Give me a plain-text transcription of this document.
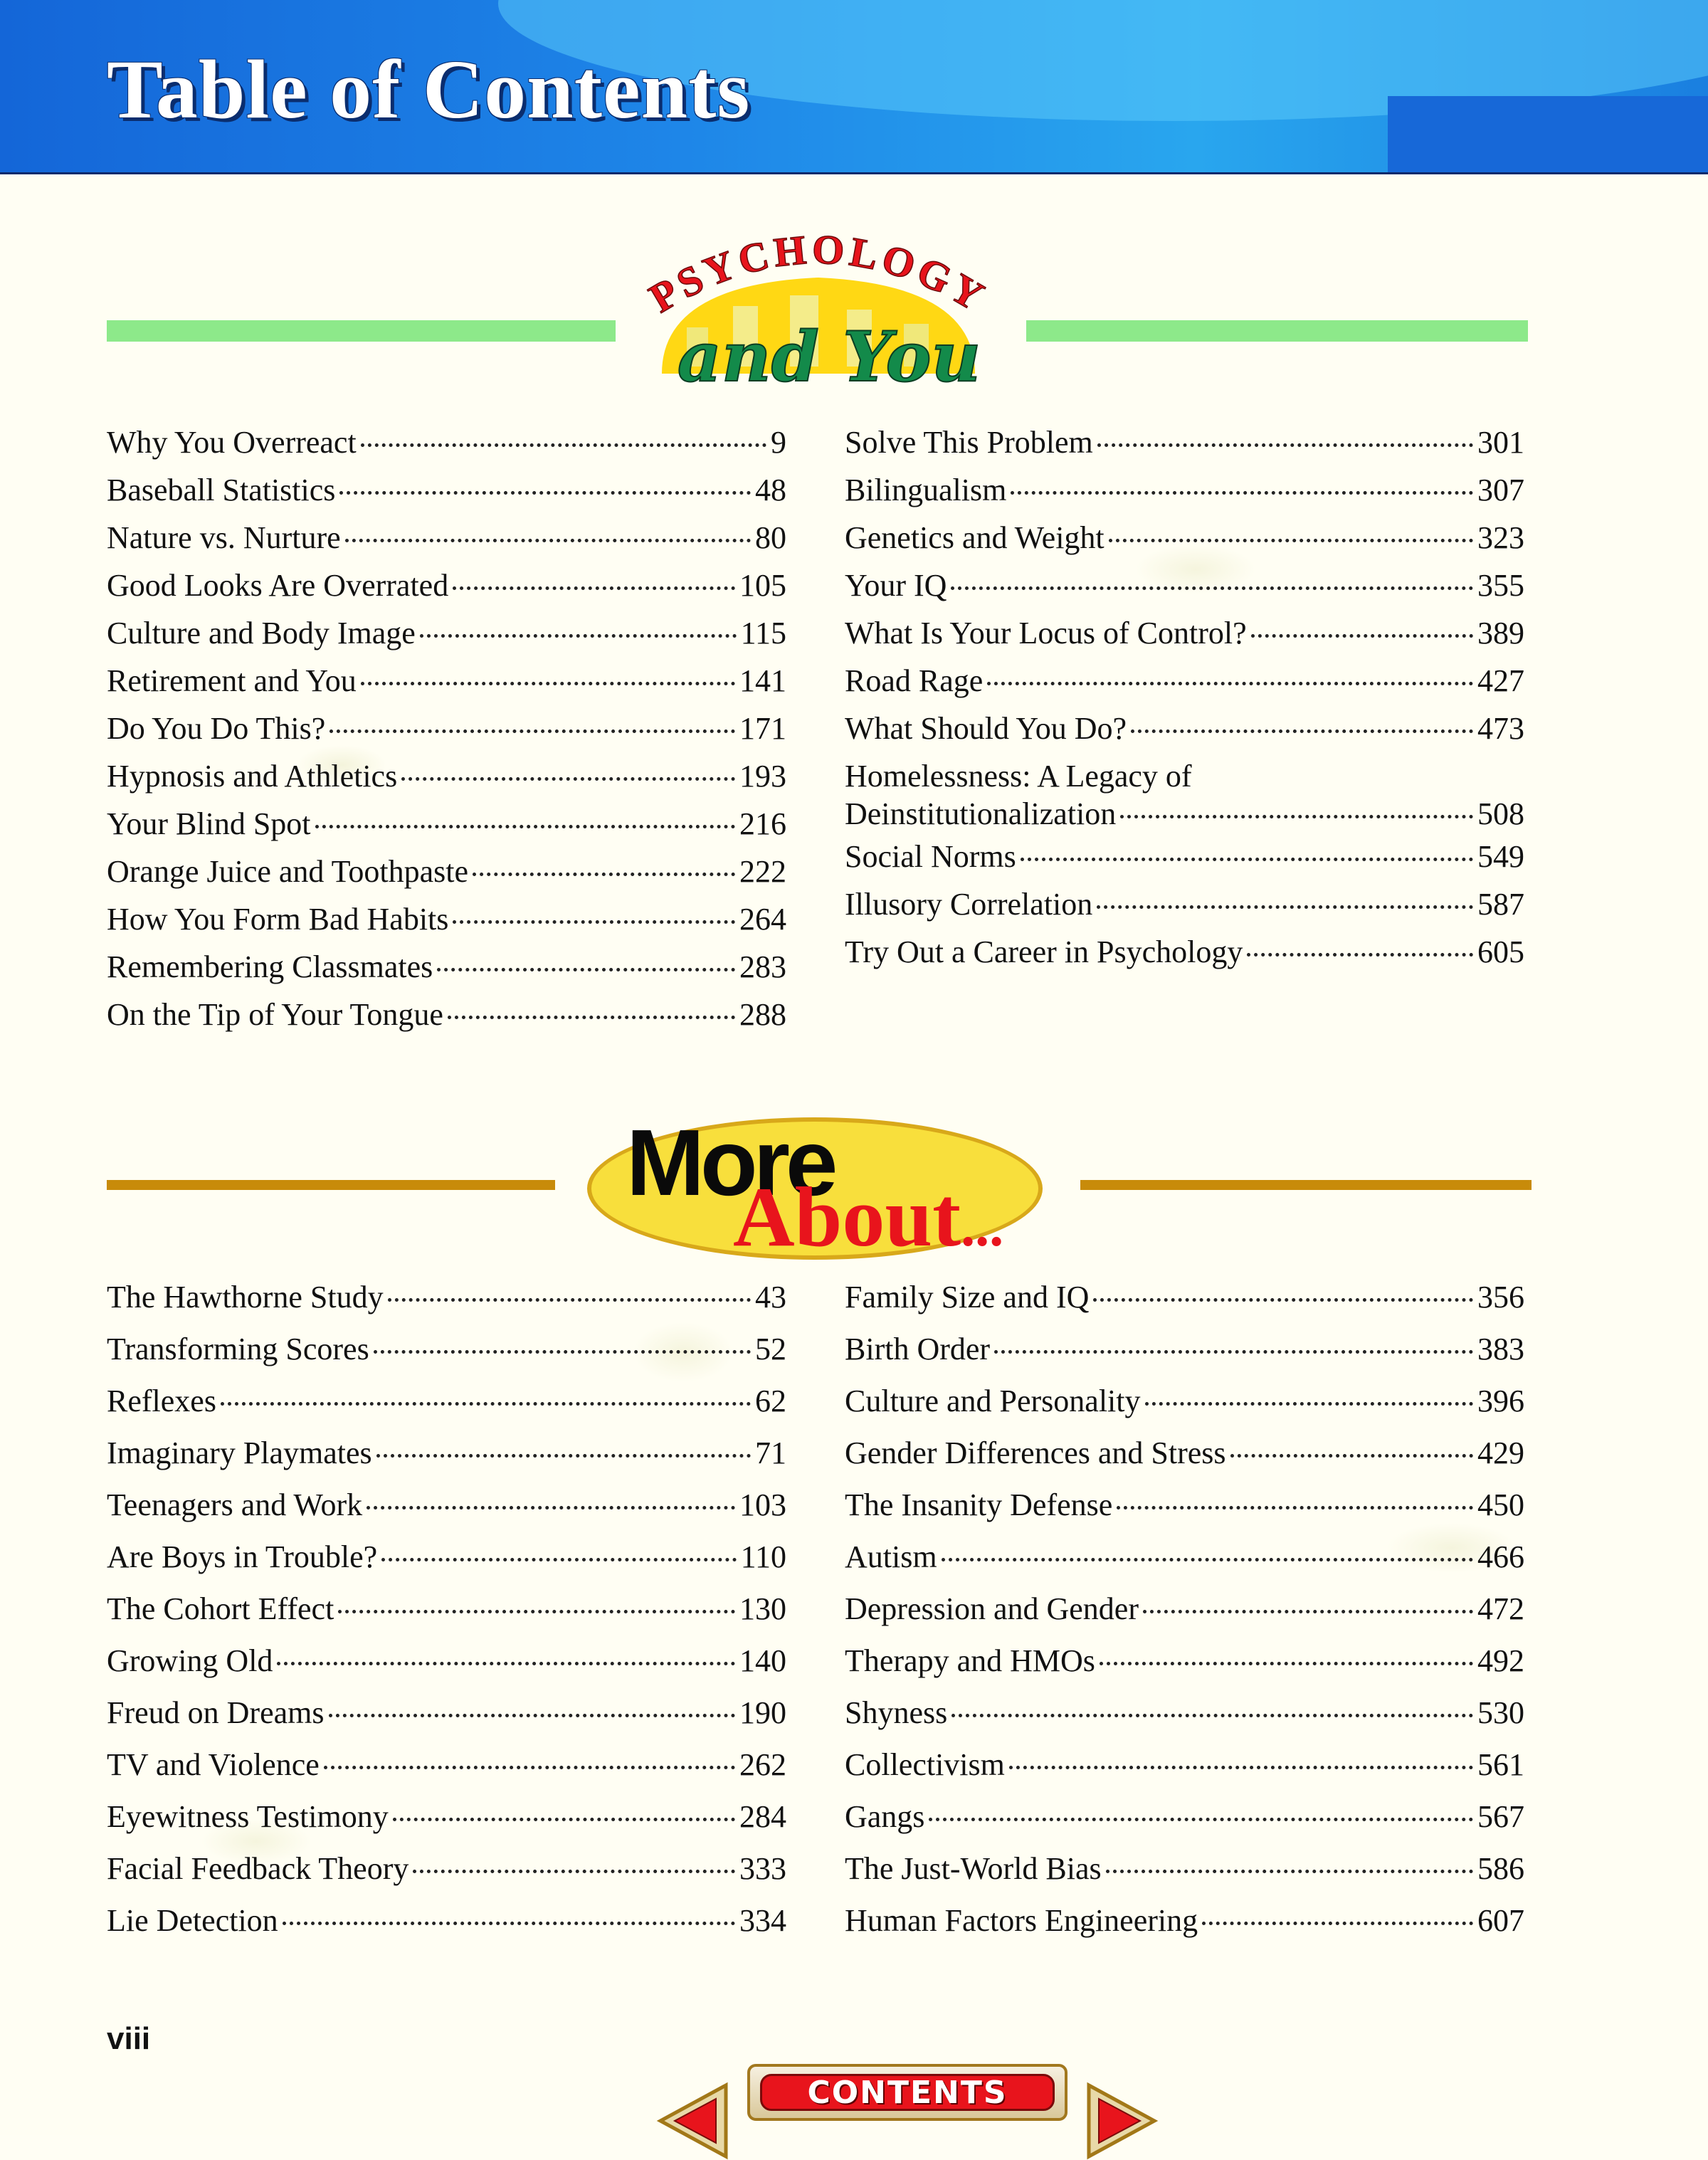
Table of Contents
PSYCHOLOGY
and You
Why You Overreact	9
Baseball Statistics	48
Nature vs. Nurture	80
Good Looks Are Overrated	105
Culture and Body Image	115
Retirement and You	141
Do You Do This?	171
Hypnosis and Athletics	193
Your Blind Spot	216
Orange Juice and Toothpaste	222
How You Form Bad Habits	264
Remembering Classmates	283
On the Tip of Your Tongue	288
Solve This Problem	301
Bilingualism	307
Genetics and Weight	323
Your IQ	355
What Is Your Locus of Control?	389
Road Rage	427
What Should You Do?	473
Homelessness: A Legacy of
Deinstitutionalization	508
Social Norms	549
Illusory Correlation	587
Try Out a Career in Psychology	605
More
About...
The Hawthorne Study	43
Transforming Scores	52
Reflexes	62
Imaginary Playmates	71
Teenagers and Work	103
Are Boys in Trouble?	110
The Cohort Effect	130
Growing Old	140
Freud on Dreams	190
TV and Violence	262
Eyewitness Testimony	284
Facial Feedback Theory	333
Lie Detection	334
Family Size and IQ	356
Birth Order	383
Culture and Personality	396
Gender Differences and Stress	429
The Insanity Defense	450
Autism	466
Depression and Gender	472
Therapy and HMOs	492
Shyness	530
Collectivism	561
Gangs	567
The Just-World Bias	586
Human Factors Engineering	607
viii
CONTENTS
